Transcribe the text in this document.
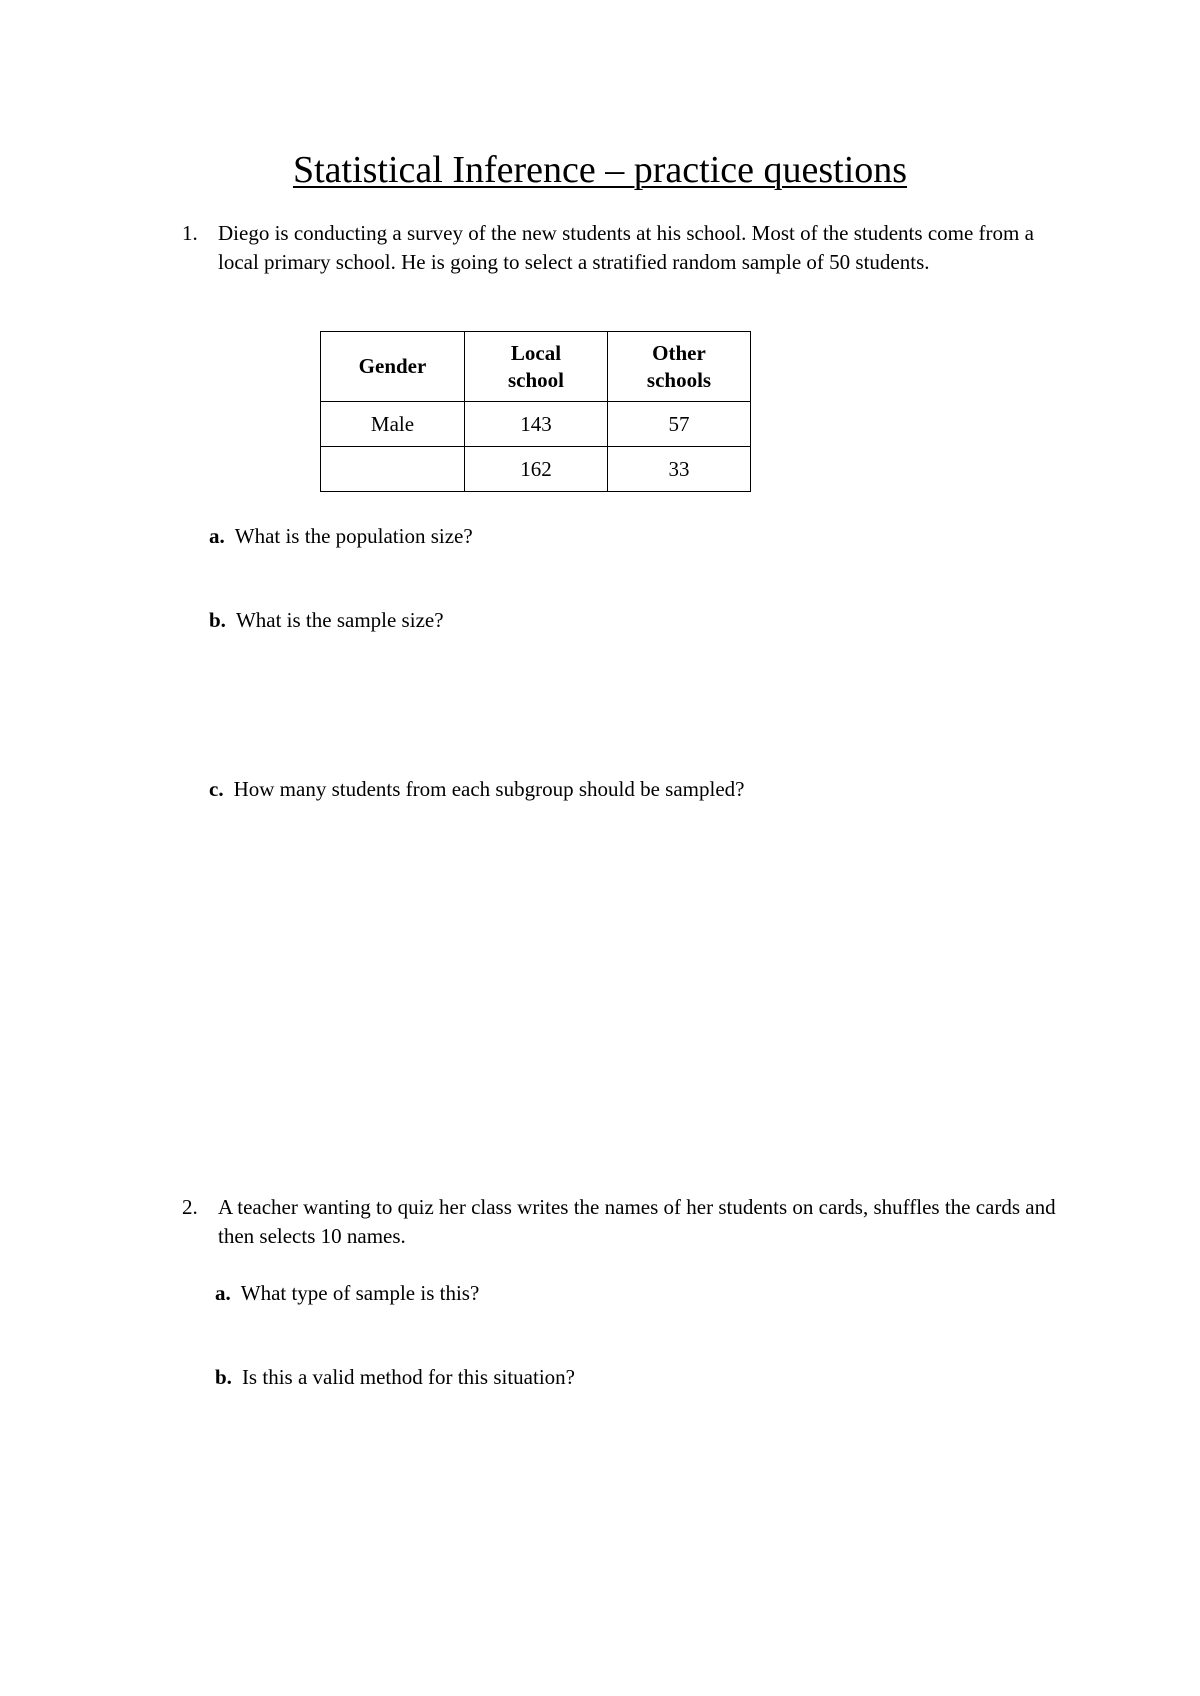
Statistical Inference – practice questions
1. Diego is conducting a survey of the new students at his school. Most of the students come from a local primary school. He is going to select a stratified random sample of 50 students.
Gender	Local school	Other schools

Male	143	57
	162	33
a. What is the population size?
b. What is the sample size?
c. How many students from each subgroup should be sampled?
2. A teacher wanting to quiz her class writes the names of her students on cards, shuffles the cards and then selects 10 names.
a. What type of sample is this?
b. Is this a valid method for this situation?
